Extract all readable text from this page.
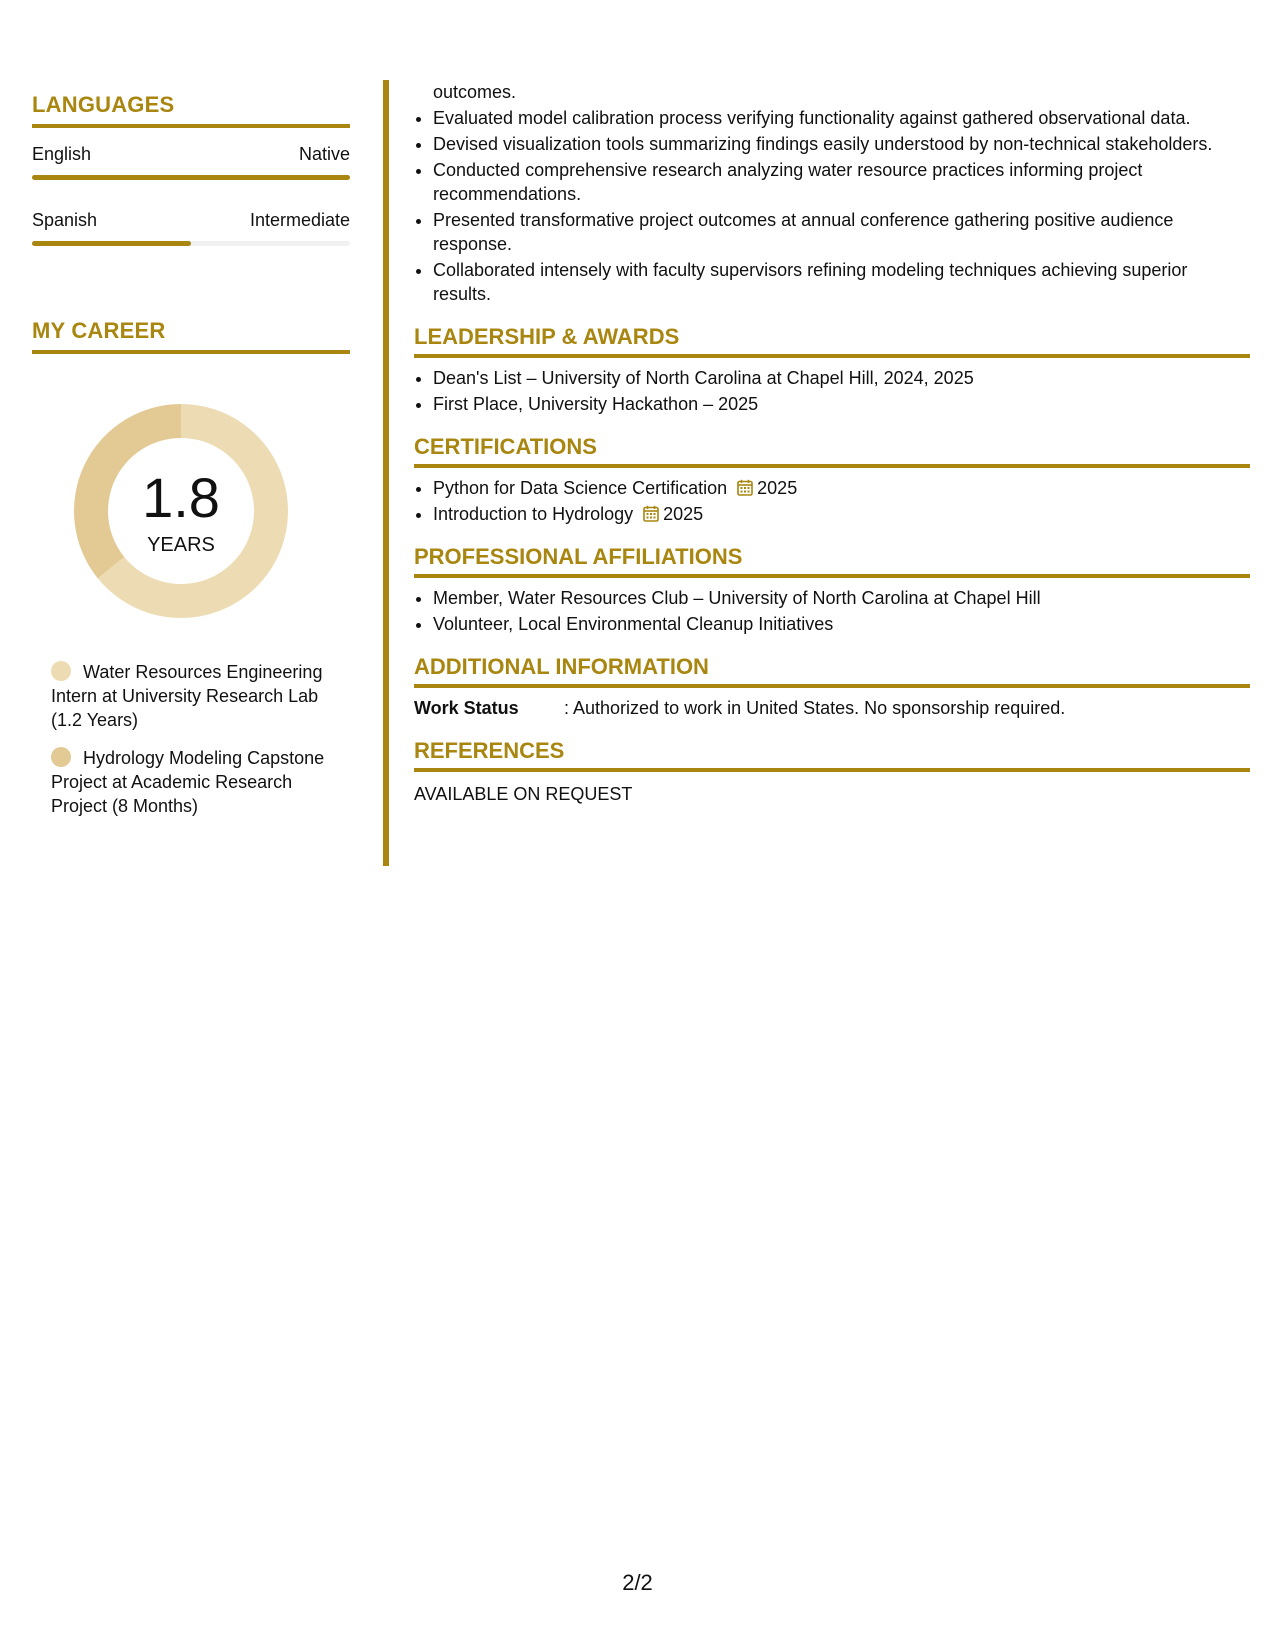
LANGUAGES
English	Native
Spanish	Intermediate
MY CAREER
1.8
YEARS
Water Resources Engineering Intern at University Research Lab (1.2 Years)
Hydrology Modeling Capstone Project at Academic Research Project (8 Months)
outcomes.
• Evaluated model calibration process verifying functionality against gathered observational data.
• Devised visualization tools summarizing findings easily understood by non-technical stakeholders.
• Conducted comprehensive research analyzing water resource practices informing project recommendations.
• Presented transformative project outcomes at annual conference gathering positive audience response.
• Collaborated intensely with faculty supervisors refining modeling techniques achieving superior results.
LEADERSHIP & AWARDS
• Dean's List – University of North Carolina at Chapel Hill, 2024, 2025
• First Place, University Hackathon – 2025
CERTIFICATIONS
• Python for Data Science Certification 2025
• Introduction to Hydrology 2025
PROFESSIONAL AFFILIATIONS
• Member, Water Resources Club – University of North Carolina at Chapel Hill
• Volunteer, Local Environmental Cleanup Initiatives
ADDITIONAL INFORMATION
Work Status	: Authorized to work in United States. No sponsorship required.
REFERENCES
AVAILABLE ON REQUEST
2/2
